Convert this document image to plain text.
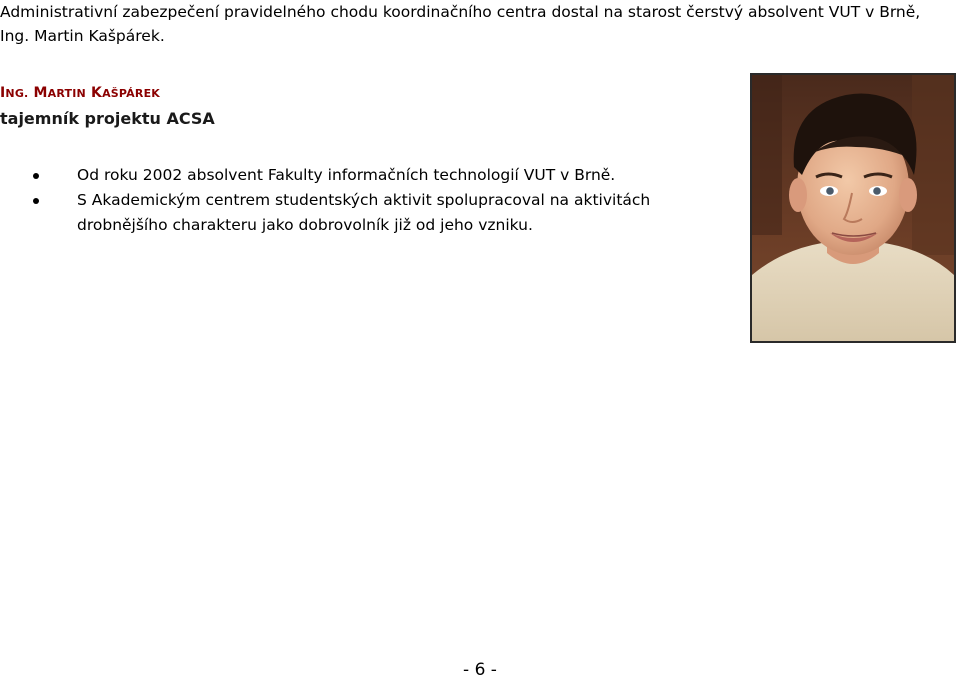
Administrativní zabezpečení pravidelného chodu koordinačního centra dostal na starost čerstvý absolvent VUT v Brně,
Ing. Martin Kašpárek.
ING. MARTIN KAŠPÁREK
tajemník projektu ACSA
Od roku 2002 absolvent Fakulty informačních technologií VUT v Brně.
S Akademickým centrem studentských aktivit spolupracoval na aktivitách drobnějšího charakteru jako dobrovolník již od jeho vzniku.
- 6 -
